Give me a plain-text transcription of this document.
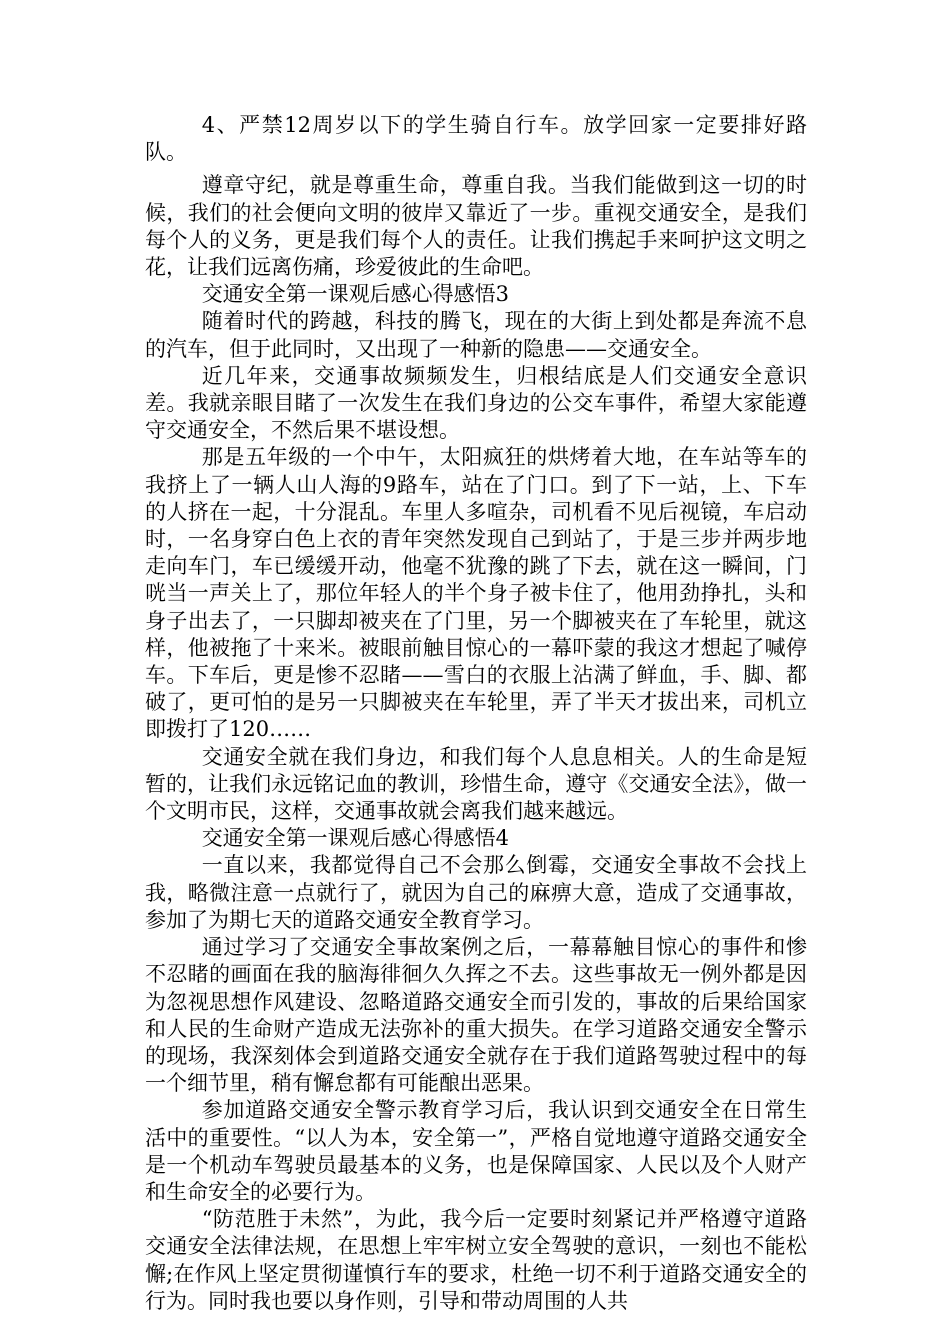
4、严禁12周岁以下的学生骑自行车。放学回家一定要排好路队。

遵章守纪，就是尊重生命，尊重自我。当我们能做到这一切的时候，我们的社会便向文明的彼岸又靠近了一步。重视交通安全，是我们每个人的义务，更是我们每个人的责任。让我们携起手来呵护这文明之花，让我们远离伤痛，珍爱彼此的生命吧。

交通安全第一课观后感心得感悟3

随着时代的跨越，科技的腾飞，现在的大街上到处都是奔流不息的汽车，但于此同时，又出现了一种新的隐患——交通安全。

近几年来，交通事故频频发生，归根结底是人们交通安全意识差。我就亲眼目睹了一次发生在我们身边的公交车事件，希望大家能遵守交通安全，不然后果不堪设想。

那是五年级的一个中午，太阳疯狂的烘烤着大地，在车站等车的我挤上了一辆人山人海的9路车，站在了门口。到了下一站，上、下车的人挤在一起，十分混乱。车里人多喧杂，司机看不见后视镜，车启动时，一名身穿白色上衣的青年突然发现自己到站了，于是三步并两步地走向车门，车已缓缓开动，他毫不犹豫的跳了下去，就在这一瞬间，门咣当一声关上了，那位年轻人的半个身子被卡住了，他用劲挣扎，头和身子出去了，一只脚却被夹在了门里，另一个脚被夹在了车轮里，就这样，他被拖了十来米。被眼前触目惊心的一幕吓蒙的我这才想起了喊停车。下车后，更是惨不忍睹——雪白的衣服上沾满了鲜血，手、脚、都破了，更可怕的是另一只脚被夹在车轮里，弄了半天才拔出来，司机立即拨打了120……

交通安全就在我们身边，和我们每个人息息相关。人的生命是短暂的，让我们永远铭记血的教训，珍惜生命，遵守《交通安全法》，做一个文明市民，这样，交通事故就会离我们越来越远。

交通安全第一课观后感心得感悟4

一直以来，我都觉得自己不会那么倒霉，交通安全事故不会找上我，略微注意一点就行了，就因为自己的麻痹大意，造成了交通事故，参加了为期七天的道路交通安全教育学习。

通过学习了交通安全事故案例之后，一幕幕触目惊心的事件和惨不忍睹的画面在我的脑海徘徊久久挥之不去。这些事故无一例外都是因为忽视思想作风建设、忽略道路交通安全而引发的，事故的后果给国家和人民的生命财产造成无法弥补的重大损失。在学习道路交通安全警示的现场，我深刻体会到道路交通安全就存在于我们道路驾驶过程中的每一个细节里，稍有懈怠都有可能酿出恶果。

参加道路交通安全警示教育学习后，我认识到交通安全在日常生活中的重要性。“以人为本，安全第一”，严格自觉地遵守道路交通安全是一个机动车驾驶员最基本的义务，也是保障国家、人民以及个人财产和生命安全的必要行为。

“防范胜于未然”，为此，我今后一定要时刻紧记并严格遵守道路交通安全法律法规，在思想上牢牢树立安全驾驶的意识，一刻也不能松懈;在作风上坚定贯彻谨慎行车的要求，杜绝一切不利于道路交通安全的行为。同时我也要以身作则，引导和带动周围的人共
